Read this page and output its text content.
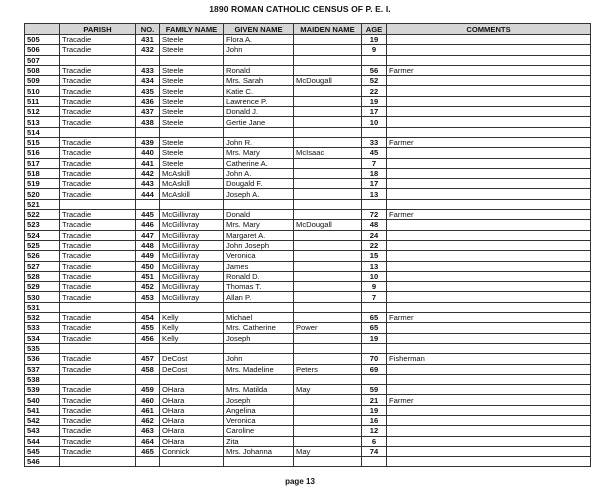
1890 ROMAN CATHOLIC CENSUS OF P. E. I.
	PARISH	NO.	FAMILY NAME	GIVEN NAME	MAIDEN NAME	AGE	COMMENTS
505	Tracadie	431	Steele	Flora A.		19	
506	Tracadie	432	Steele	John		9	
507							
508	Tracadie	433	Steele	Ronald		56	Farmer
509	Tracadie	434	Steele	Mrs. Sarah	McDougall	52	
510	Tracadie	435	Steele	Katie C.		22	
511	Tracadie	436	Steele	Lawrence P.		19	
512	Tracadie	437	Steele	Donald J.		17	
513	Tracadie	438	Steele	Gertie Jane		10	
514							
515	Tracadie	439	Steele	John R.		33	Farmer
516	Tracadie	440	Steele	Mrs. Mary	McIsaac	45	
517	Tracadie	441	Steele	Catherine A.		7	
518	Tracadie	442	McAskill	John A.		18	
519	Tracadie	443	McAskill	Dougald F.		17	
520	Tracadie	444	McAskill	Joseph A.		13	
521							
522	Tracadie	445	McGillivray	Donald		72	Farmer
523	Tracadie	446	McGillivray	Mrs. Mary	McDougall	48	
524	Tracadie	447	McGillivray	Margaret A.		24	
525	Tracadie	448	McGillivray	John Joseph		22	
526	Tracadie	449	McGillivray	Veronica		15	
527	Tracadie	450	McGillivray	James		13	
528	Tracadie	451	McGillivray	Ronald D.		10	
529	Tracadie	452	McGillivray	Thomas T.		9	
530	Tracadie	453	McGillivray	Allan P.		7	
531							
532	Tracadie	454	Kelly	Michael		65	Farmer
533	Tracadie	455	Kelly	Mrs. Catherine	Power	65	
534	Tracadie	456	Kelly	Joseph		19	
535							
536	Tracadie	457	DeCost	John		70	Fisherman
537	Tracadie	458	DeCost	Mrs. Madeline	Peters	69	
538							
539	Tracadie	459	OHara	Mrs. Matilda	May	59	
540	Tracadie	460	OHara	Joseph		21	Farmer
541	Tracadie	461	OHara	Angelina		19	
542	Tracadie	462	OHara	Veronica		16	
543	Tracadie	463	OHara	Caroline		12	
544	Tracadie	464	OHara	Zita		6	
545	Tracadie	465	Connick	Mrs. Johanna	May	74	
546							
page 13
